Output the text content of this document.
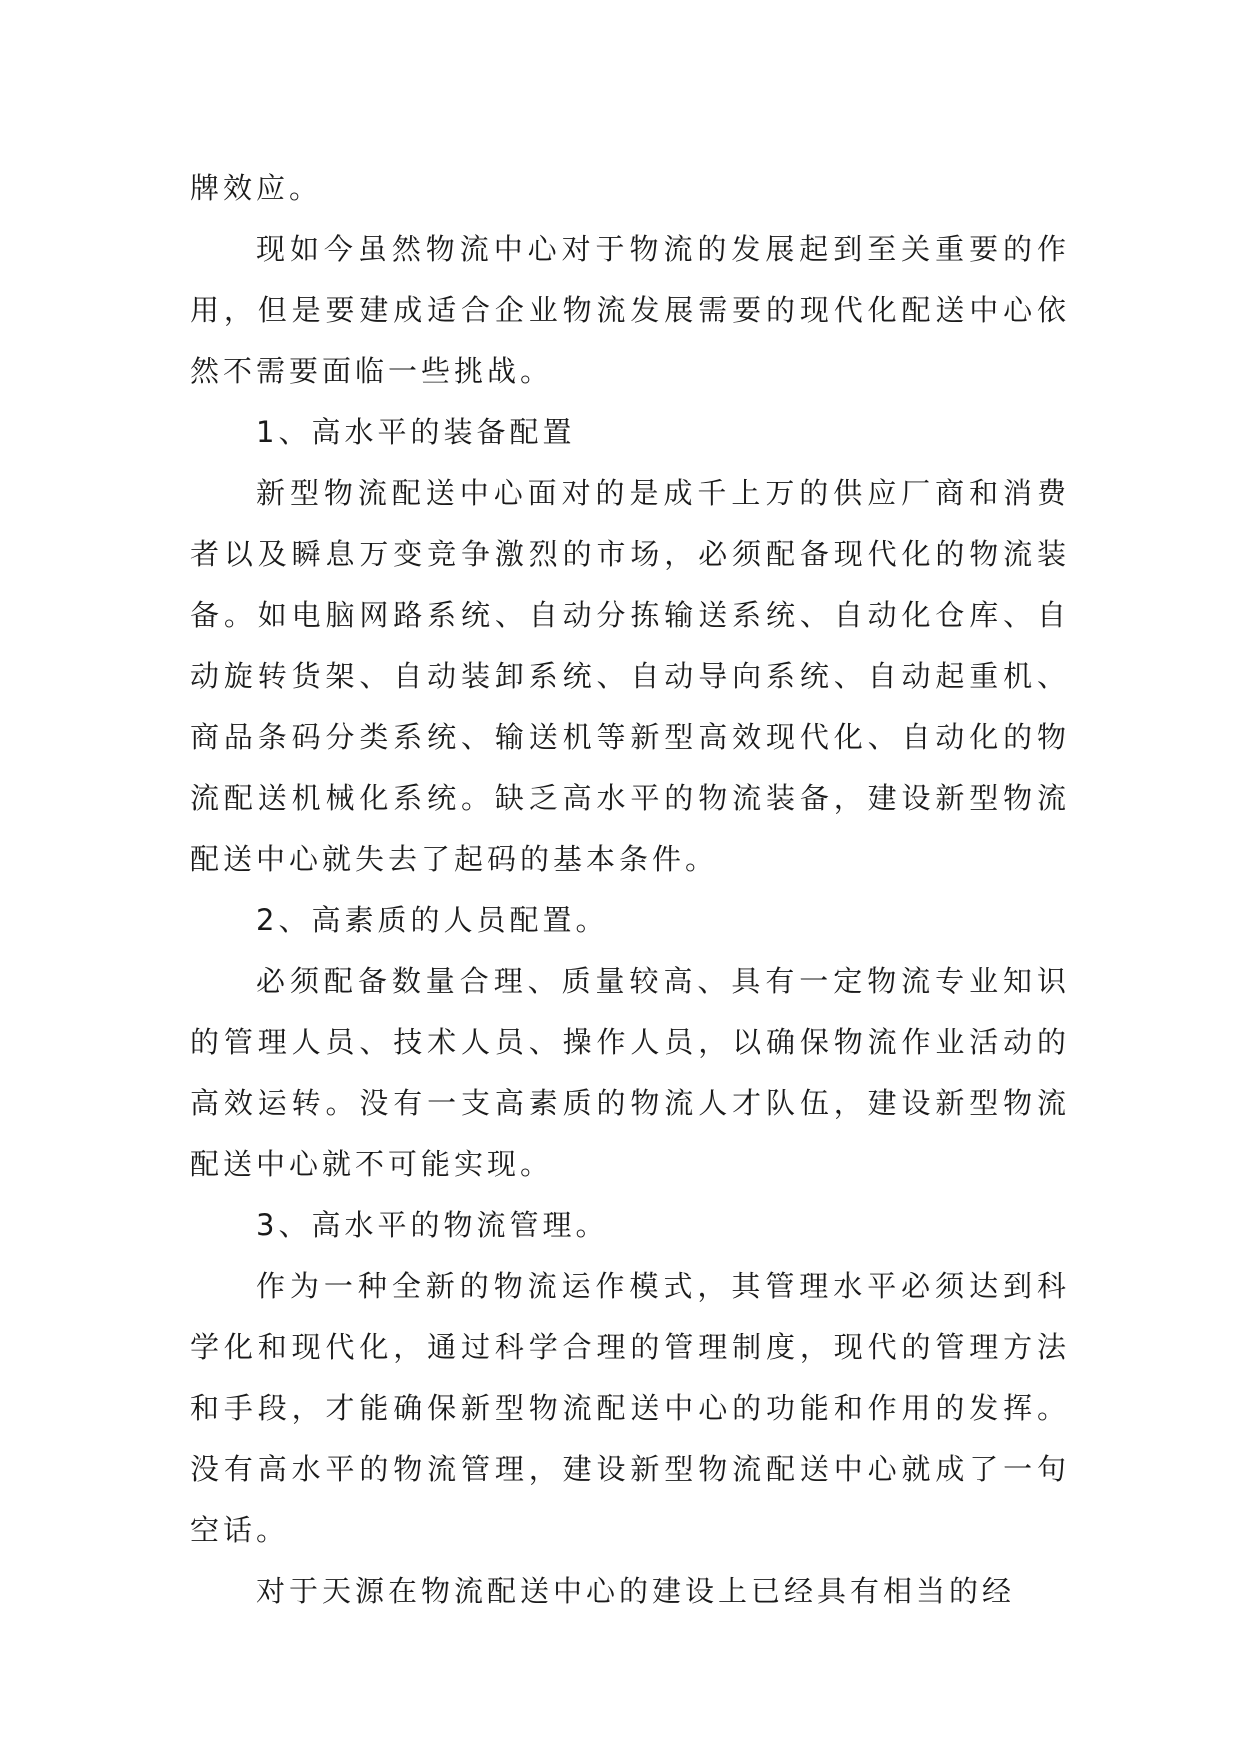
牌效应。

现如今虽然物流中心对于物流的发展起到至关重要的作用，但是要建成适合企业物流发展需要的现代化配送中心依然不需要面临一些挑战。

1、高水平的装备配置

新型物流配送中心面对的是成千上万的供应厂商和消费者以及瞬息万变竞争激烈的市场，必须配备现代化的物流装备。如电脑网路系统、自动分拣输送系统、自动化仓库、自动旋转货架、自动装卸系统、自动导向系统、自动起重机、商品条码分类系统、输送机等新型高效现代化、自动化的物流配送机械化系统。缺乏高水平的物流装备，建设新型物流配送中心就失去了起码的基本条件。

2、高素质的人员配置。

必须配备数量合理、质量较高、具有一定物流专业知识的管理人员、技术人员、操作人员，以确保物流作业活动的高效运转。没有一支高素质的物流人才队伍，建设新型物流配送中心就不可能实现。

3、高水平的物流管理。

作为一种全新的物流运作模式，其管理水平必须达到科学化和现代化，通过科学合理的管理制度，现代的管理方法和手段，才能确保新型物流配送中心的功能和作用的发挥。没有高水平的物流管理，建设新型物流配送中心就成了一句空话。

对于天源在物流配送中心的建设上已经具有相当的经
